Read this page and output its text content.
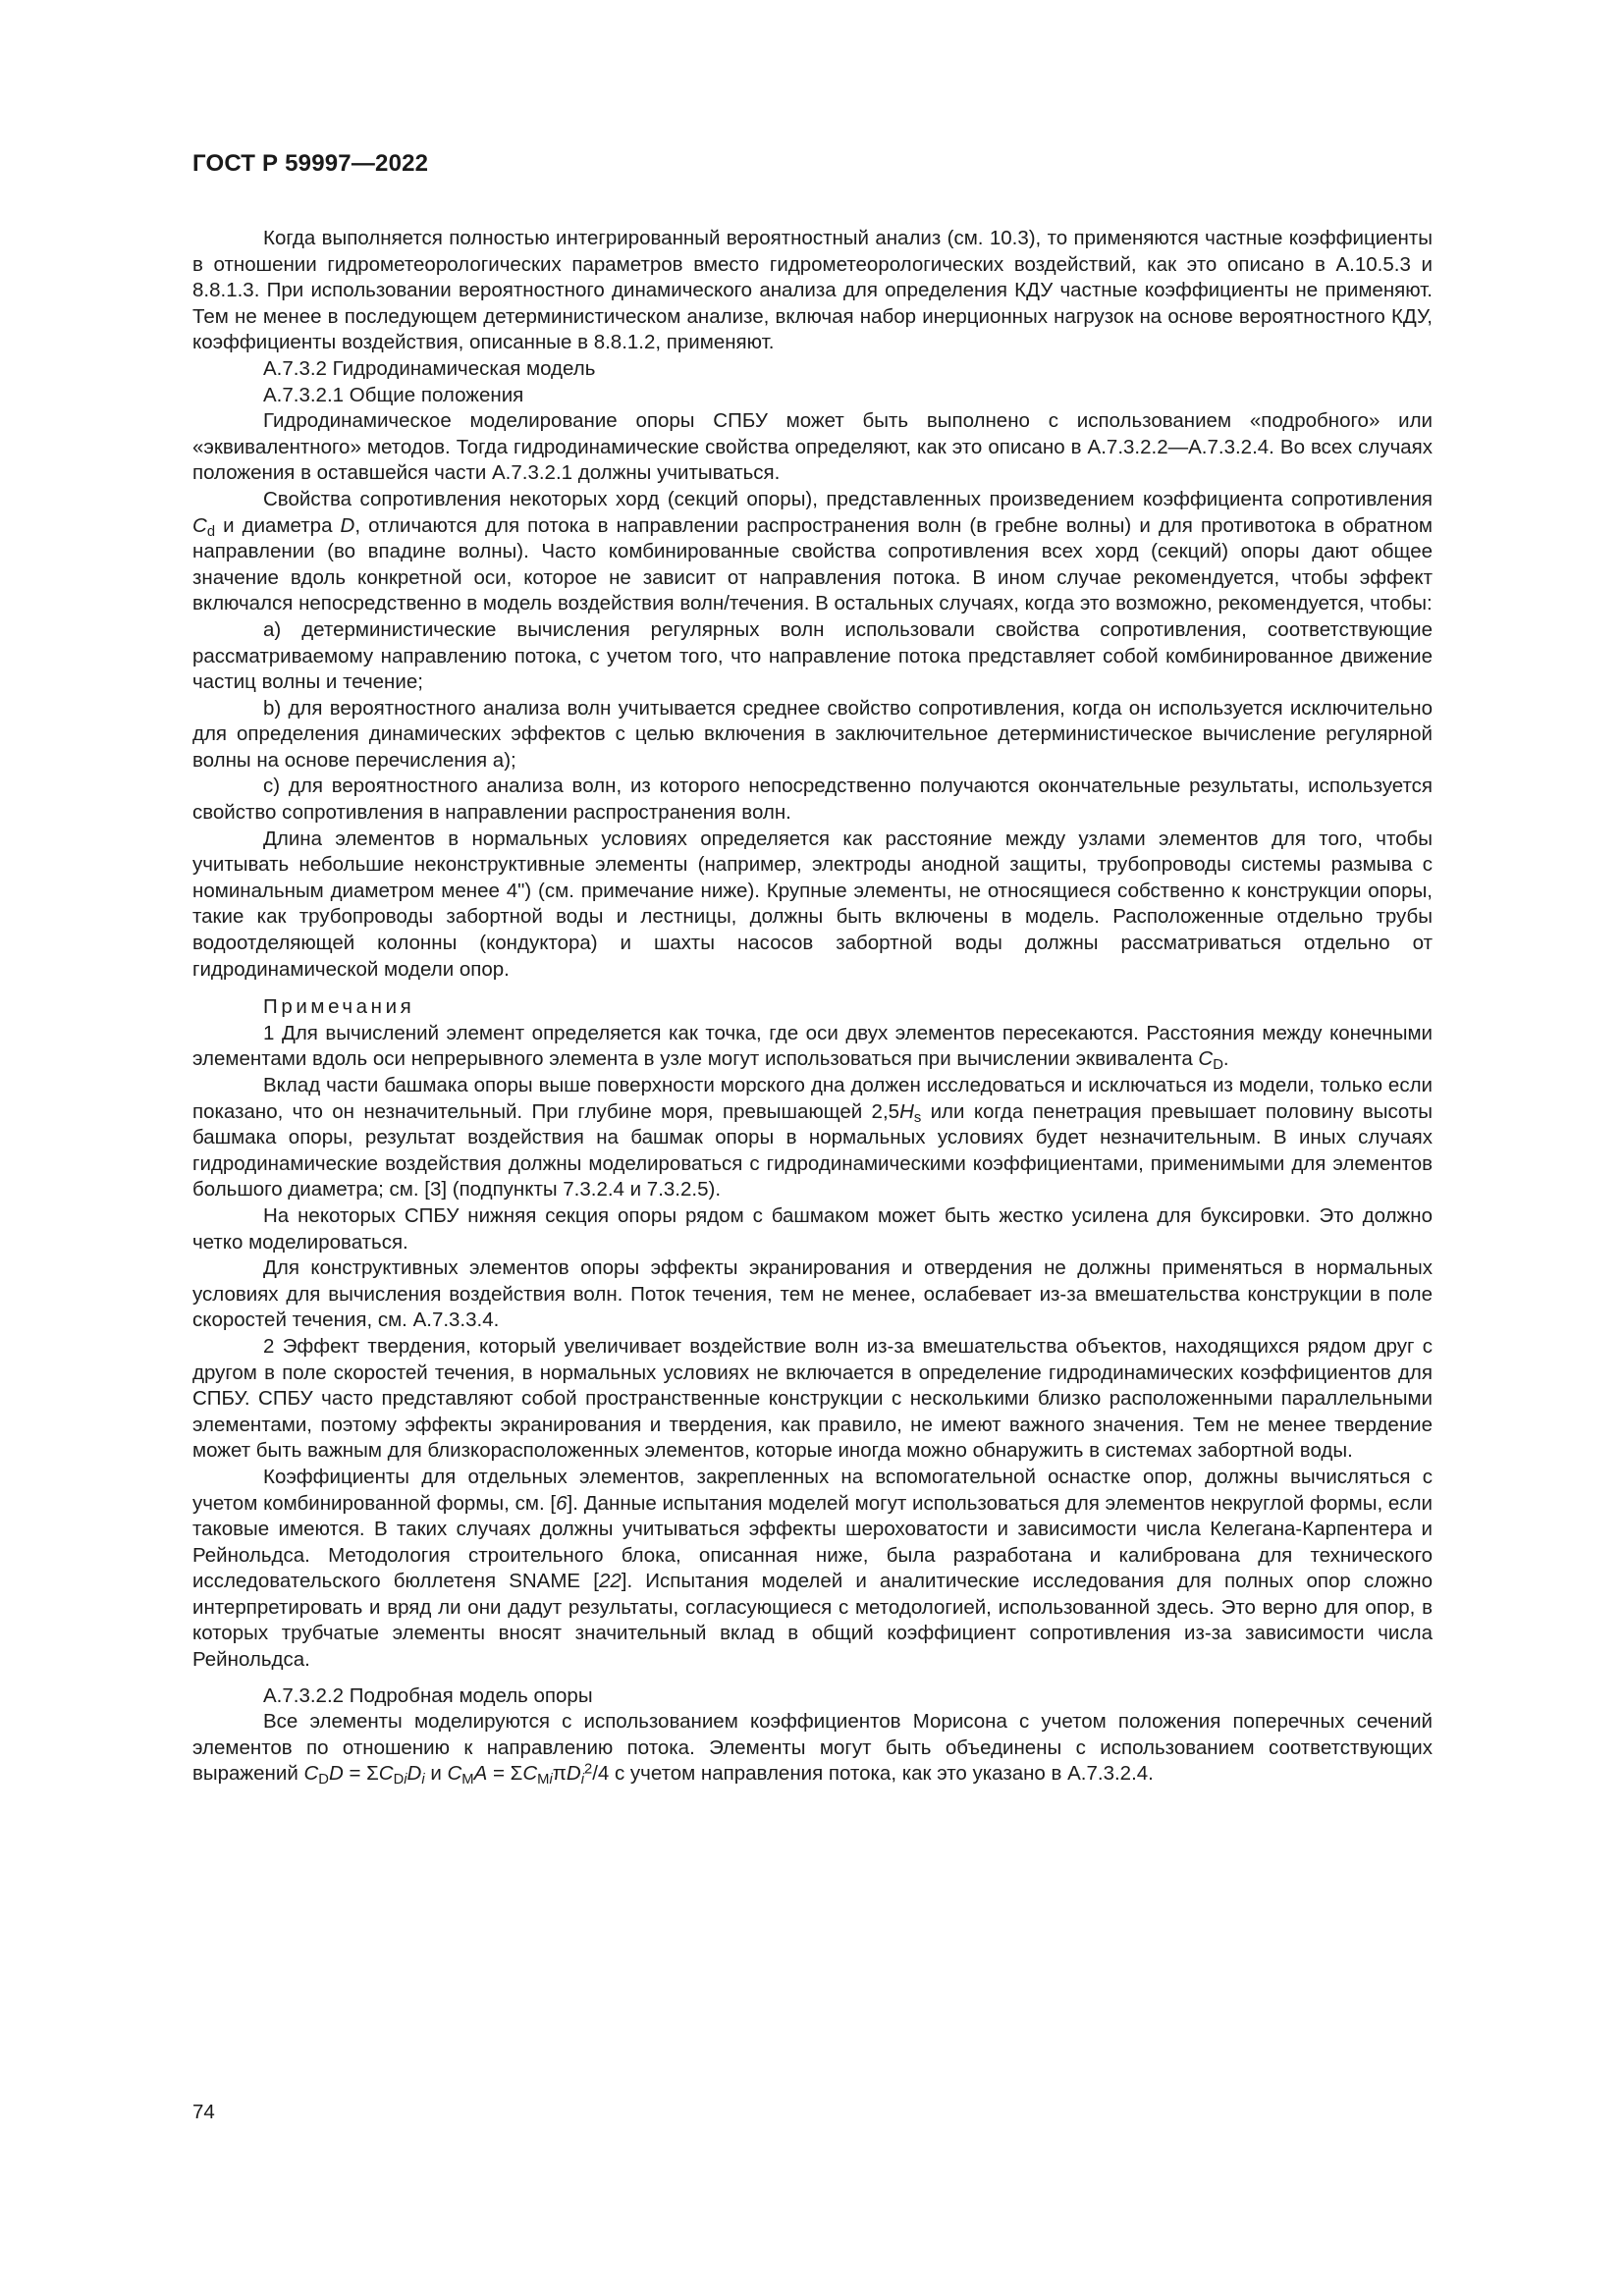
ГОСТ Р 59997—2022

Когда выполняется полностью интегрированный вероятностный анализ (см. 10.3), то применяются частные коэффициенты в отношении гидрометеорологических параметров вместо гидрометеорологических воздействий, как это описано в А.10.5.3 и 8.8.1.3. При использовании вероятностного динамического анализа для определения КДУ частные коэффициенты не применяют. Тем не менее в последующем детерминистическом анализе, включая набор инерционных нагрузок на основе вероятностного КДУ, коэффициенты воздействия, описанные в 8.8.1.2, применяют.

А.7.3.2 Гидродинамическая модель

А.7.3.2.1 Общие положения

Гидродинамическое моделирование опоры СПБУ может быть выполнено с использованием «подробного» или «эквивалентного» методов. Тогда гидродинамические свойства определяют, как это описано в А.7.3.2.2—А.7.3.2.4. Во всех случаях положения в оставшейся части А.7.3.2.1 должны учитываться.

Свойства сопротивления некоторых хорд (секций опоры), представленных произведением коэффициента сопротивления $C_d$ и диаметра D, отличаются для потока в направлении распространения волн (в гребне волны) и для противотока в обратном направлении (во впадине волны). Часто комбинированные свойства сопротивления всех хорд (секций) опоры дают общее значение вдоль конкретной оси, которое не зависит от направления потока. В ином случае рекомендуется, чтобы эффект включался непосредственно в модель воздействия волн/течения. В остальных случаях, когда это возможно, рекомендуется, чтобы:

a) детерминистические вычисления регулярных волн использовали свойства сопротивления, соответствующие рассматриваемому направлению потока, с учетом того, что направление потока представляет собой комбинированное движение частиц волны и течение;

b) для вероятностного анализа волн учитывается среднее свойство сопротивления, когда он используется исключительно для определения динамических эффектов с целью включения в заключительное детерминистическое вычисление регулярной волны на основе перечисления a);

c) для вероятностного анализа волн, из которого непосредственно получаются окончательные результаты, используется свойство сопротивления в направлении распространения волн.

Длина элементов в нормальных условиях определяется как расстояние между узлами элементов для того, чтобы учитывать небольшие неконструктивные элементы (например, электроды анодной защиты, трубопроводы системы размыва с номинальным диаметром менее 4") (см. примечание ниже). Крупные элементы, не относящиеся собственно к конструкции опоры, такие как трубопроводы забортной воды и лестницы, должны быть включены в модель. Расположенные отдельно трубы водоотделяющей колонны (кондуктора) и шахты насосов забортной воды должны рассматриваться отдельно от гидродинамической модели опор.

Примечания

1 Для вычислений элемент определяется как точка, где оси двух элементов пересекаются. Расстояния между конечными элементами вдоль оси непрерывного элемента в узле могут использоваться при вычислении эквивалента $C_D$.

Вклад части башмака опоры выше поверхности морского дна должен исследоваться и исключаться из модели, только если показано, что он незначительный. При глубине моря, превышающей $2,5H_s$ или когда пенетрация превышает половину высоты башмака опоры, результат воздействия на башмак опоры в нормальных условиях будет незначительным. В иных случаях гидродинамические воздействия должны моделироваться с гидродинамическими коэффициентами, применимыми для элементов большого диаметра; см. [3] (подпункты 7.3.2.4 и 7.3.2.5).

На некоторых СПБУ нижняя секция опоры рядом с башмаком может быть жестко усилена для буксировки. Это должно четко моделироваться.

Для конструктивных элементов опоры эффекты экранирования и отвердения не должны применяться в нормальных условиях для вычисления воздействия волн. Поток течения, тем не менее, ослабевает из-за вмешательства конструкции в поле скоростей течения, см. А.7.3.3.4.

2 Эффект твердения, который увеличивает воздействие волн из-за вмешательства объектов, находящихся рядом друг с другом в поле скоростей течения, в нормальных условиях не включается в определение гидродинамических коэффициентов для СПБУ. СПБУ часто представляют собой пространственные конструкции с несколькими близко расположенными параллельными элементами, поэтому эффекты экранирования и твердения, как правило, не имеют важного значения. Тем не менее твердение может быть важным для близкорасположенных элементов, которые иногда можно обнаружить в системах забортной воды.

Коэффициенты для отдельных элементов, закрепленных на вспомогательной оснастке опор, должны вычисляться с учетом комбинированной формы, см. [6]. Данные испытания моделей могут использоваться для элементов некруглой формы, если таковые имеются. В таких случаях должны учитываться эффекты шероховатости и зависимости числа Келегана-Карпентера и Рейнольдса. Методология строительного блока, описанная ниже, была разработана и калибрована для технического исследовательского бюллетеня SNAME [22]. Испытания моделей и аналитические исследования для полных опор сложно интерпретировать и вряд ли они дадут результаты, согласующиеся с методологией, использованной здесь. Это верно для опор, в которых трубчатые элементы вносят значительный вклад в общий коэффициент сопротивления из-за зависимости числа Рейнольдса.

А.7.3.2.2 Подробная модель опоры

Все элементы моделируются с использованием коэффициентов Морисона с учетом положения поперечных сечений элементов по отношению к направлению потока. Элементы могут быть объединены с использованием соответствующих выражений $C_DD = \Sigma C_{Di}D_i$ и $C_MA = \Sigma C_{Mi}\pi D_i^2/4$ с учетом направления потока, как это указано в А.7.3.2.4.

74
